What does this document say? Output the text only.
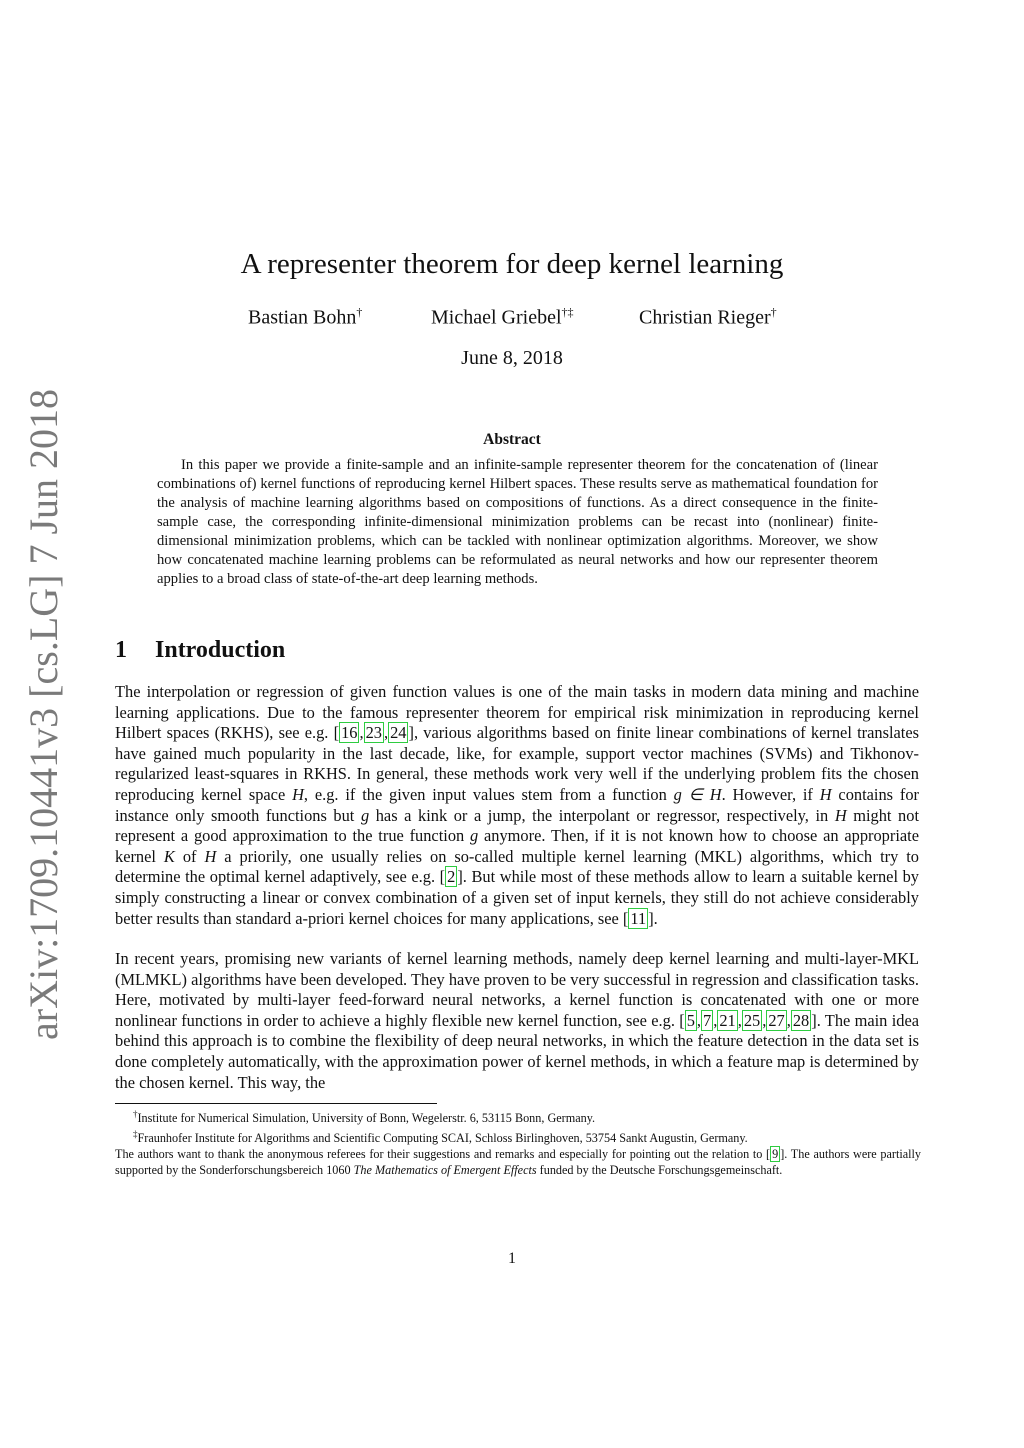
arXiv:1709.10441v3 [cs.LG] 7 Jun 2018
A representer theorem for deep kernel learning
Bastian Bohn†	Michael Griebel†‡	Christian Rieger†
June 8, 2018
Abstract
In this paper we provide a finite-sample and an infinite-sample representer theorem for the concatenation of (linear combinations of) kernel functions of reproducing kernel Hilbert spaces. These results serve as mathematical foundation for the analysis of machine learning algorithms based on compositions of functions. As a direct consequence in the finite-sample case, the corresponding infinite-dimensional minimization problems can be recast into (nonlinear) finite-dimensional minimization problems, which can be tackled with nonlinear optimization algorithms. Moreover, we show how concatenated machine learning problems can be reformulated as neural networks and how our representer theorem applies to a broad class of state-of-the-art deep learning methods.
1 Introduction
The interpolation or regression of given function values is one of the main tasks in modern data mining and machine learning applications. Due to the famous representer theorem for empirical risk minimization in reproducing kernel Hilbert spaces (RKHS), see e.g. [ 16 , 23 , 24 ], various algorithms based on finite linear combinations of kernel translates have gained much popularity in the last decade, like, for example, support vector machines (SVMs) and Tikhonov-regularized least-squares in RKHS. In general, these methods work very well if the underlying problem fits the chosen reproducing kernel space H, e.g. if the given input values stem from a function g ∈ H. However, if H contains for instance only smooth functions but g has a kink or a jump, the interpolant or regressor, respectively, in H might not represent a good approximation to the true function g anymore. Then, if it is not known how to choose an appropriate kernel K of H a priorily, one usually relies on so-called multiple kernel learning (MKL) algorithms, which try to determine the optimal kernel adaptively, see e.g. [ 2 ]. But while most of these methods allow to learn a suitable kernel by simply constructing a linear or convex combination of a given set of input kernels, they still do not achieve considerably better results than standard a-priori kernel choices for many applications, see [ 11 ].
In recent years, promising new variants of kernel learning methods, namely deep kernel learning and multi-layer-MKL (MLMKL) algorithms have been developed. They have proven to be very successful in regression and classification tasks. Here, motivated by multi-layer feed-forward neural networks, a kernel function is concatenated with one or more nonlinear functions in order to achieve a highly flexible new kernel function, see e.g. [ 5 , 7 , 21 , 25 , 27 , 28 ]. The main idea behind this approach is to combine the flexibility of deep neural networks, in which the feature detection in the data set is done completely automatically, with the approximation power of kernel methods, in which a feature map is determined by the chosen kernel. This way, the

†Institute for Numerical Simulation, University of Bonn, Wegelerstr. 6, 53115 Bonn, Germany.

‡Fraunhofer Institute for Algorithms and Scientific Computing SCAI, Schloss Birlinghoven, 53754 Sankt Augustin, Germany.

The authors want to thank the anonymous referees for their suggestions and remarks and especially for pointing out the relation to [ 9 ]. The authors were partially supported by the Sonderforschungsbereich 1060 The Mathematics of Emergent Effects funded by the Deutsche Forschungsgemeinschaft.

1
